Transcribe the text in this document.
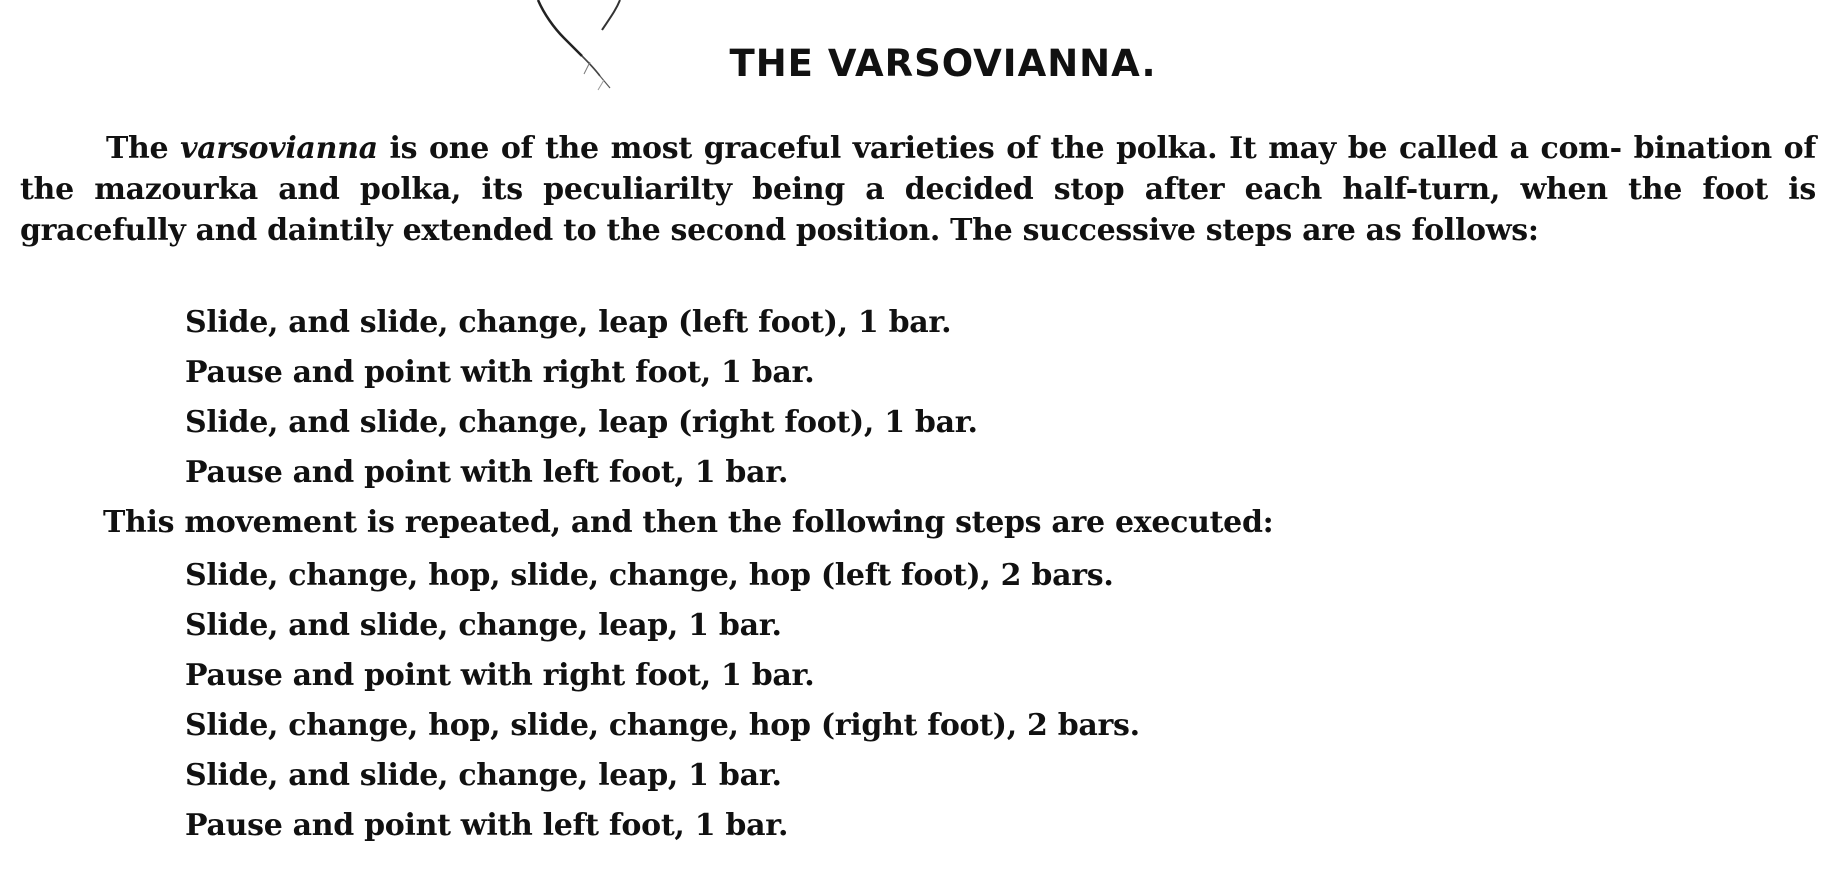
THE VARSOVIANNA.

The varsovianna is one of the most graceful varieties of the polka. It may be called a com- bination of the mazourka and polka, its peculiarilty being a decided stop after each half-turn, when the foot is gracefully and daintily extended to the second position. The successive steps are as follows:

Slide, and slide, change, leap (left foot), 1 bar.

Pause and point with right foot, 1 bar.

Slide, and slide, change, leap (right foot), 1 bar.

Pause and point with left foot, 1 bar.

This movement is repeated, and then the following steps are executed:

Slide, change, hop, slide, change, hop (left foot), 2 bars.

Slide, and slide, change, leap, 1 bar.

Pause and point with right foot, 1 bar.

Slide, change, hop, slide, change, hop (right foot), 2 bars.

Slide, and slide, change, leap, 1 bar.

Pause and point with left foot, 1 bar.
